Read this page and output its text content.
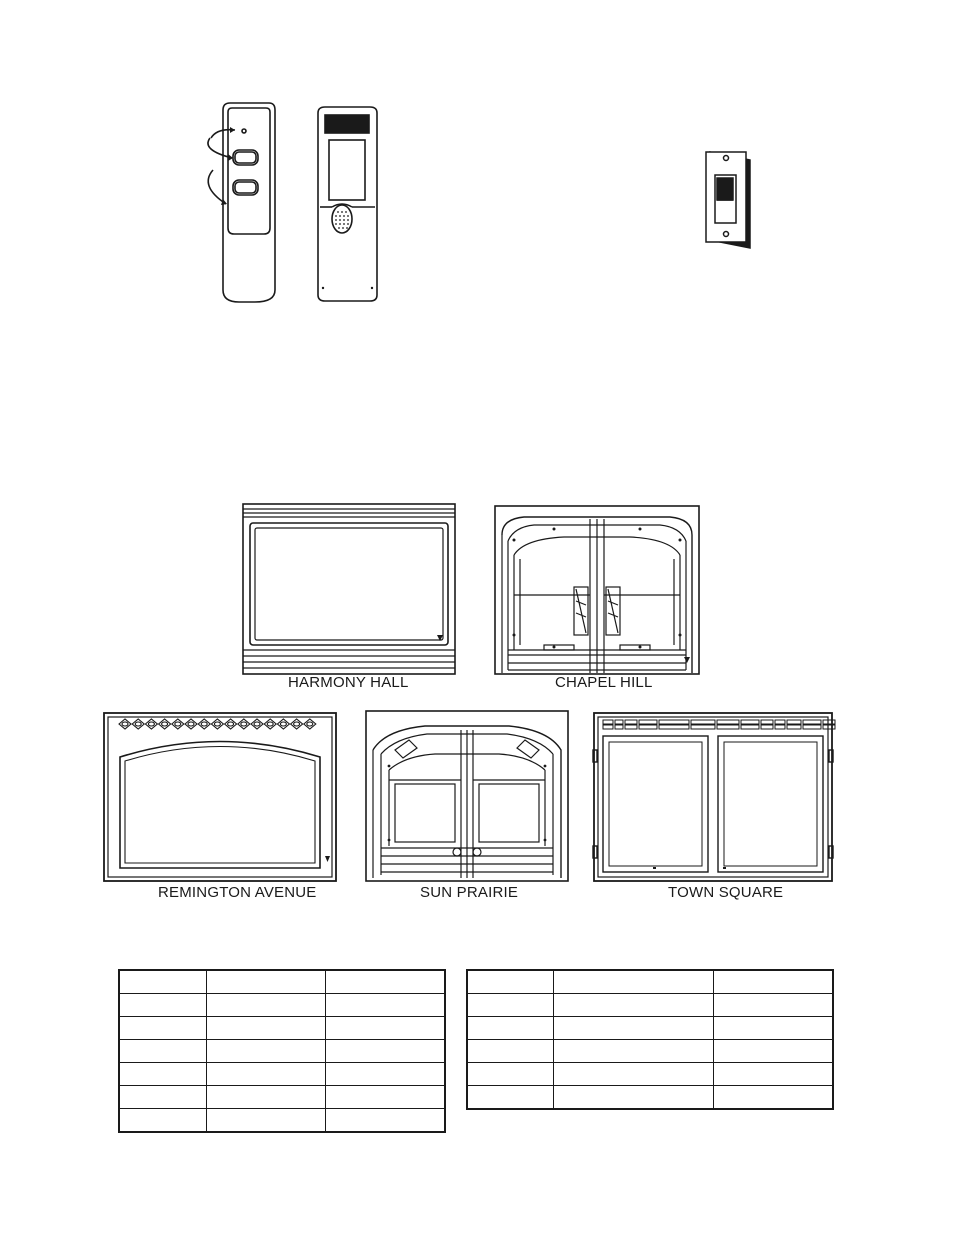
HARMONY HALL	CHAPEL HILL
REMINGTON AVENUE	SUN PRAIRIE	TOWN SQUARE
